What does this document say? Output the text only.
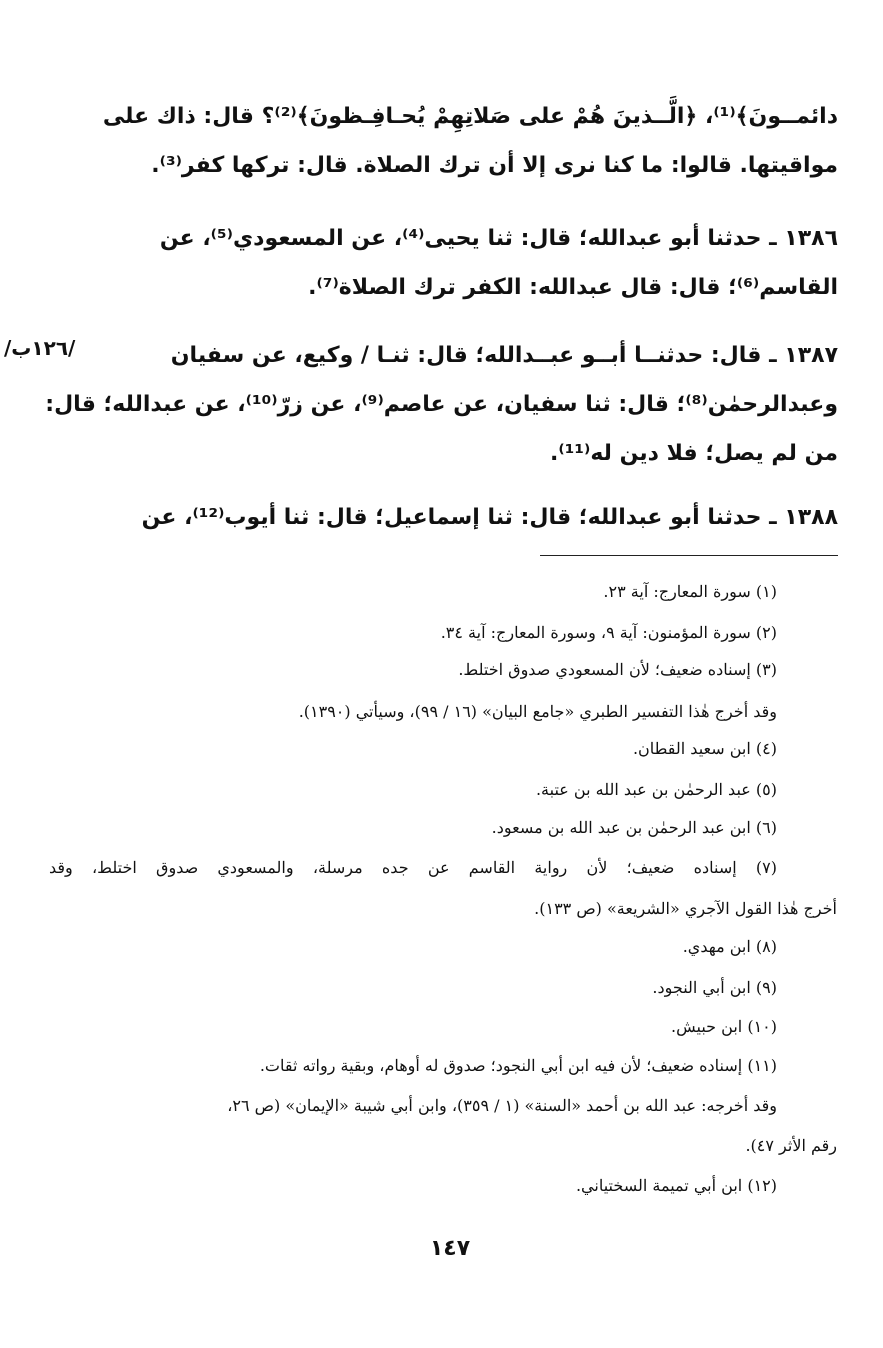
دائمــونَ﴾⁽¹⁾، ﴿الَّــذينَ هُمْ على صَلاتِهِمْ يُحـافِـظونَ﴾⁽²⁾؟ قال: ذاك على
مواقيتها. قالوا: ما كنا نرى إلا أن ترك الصلاة. قال: تركها كفر⁽³⁾.
١٣٨٦ ـ حدثنا أبو عبدالله؛ قال: ثنا يحيى⁽⁴⁾، عن المسعودي⁽⁵⁾، عن
القاسم⁽⁶⁾؛ قال: قال عبدالله: الكفر ترك الصلاة⁽⁷⁾.
١٣٨٧ ـ قال: حدثنــا أبــو عبــدالله؛ قال: ثنـا / وكيع، عن سفيان
وعبدالرحمٰن⁽⁸⁾؛ قال: ثنا سفيان، عن عاصم⁽⁹⁾، عن زرّ⁽¹⁰⁾، عن عبدالله؛ قال:
من لم يصل؛ فلا دين له⁽¹¹⁾.
١٣٨٨ ـ حدثنا أبو عبدالله؛ قال: ثنا إسماعيل؛ قال: ثنا أيوب⁽¹²⁾، عن
/١٢٦ب/
(١) سورة المعارج: آية ٢٣.
(٢) سورة المؤمنون: آية ٩، وسورة المعارج: آية ٣٤.
(٣) إسناده ضعيف؛ لأن المسعودي صدوق اختلط.
وقد أخرج هٰذا التفسير الطبري «جامع البيان» (١٦ / ٩٩)، وسيأتي (١٣٩٠).
(٤) ابن سعيد القطان.
(٥) عبد الرحمٰن بن عبد الله بن عتبة.
(٦) ابن عبد الرحمٰن بن عبد الله بن مسعود.
(٧) إسناده ضعيف؛ لأن رواية القاسم عن جده مرسلة، والمسعودي صدوق اختلط، وقد
أخرج هٰذا القول الآجري «الشريعة» (ص ١٣٣).
(٨) ابن مهدي.
(٩) ابن أبي النجود.
(١٠) ابن حبيش.
(١١) إسناده ضعيف؛ لأن فيه ابن أبي النجود؛ صدوق له أوهام، وبقية رواته ثقات.
وقد أخرجه: عبد الله بن أحمد «السنة» (١ / ٣٥٩)، وابن أبي شيبة «الإيمان» (ص ٢٦،
رقم الأثر ٤٧).
(١٢) ابن أبي تميمة السختياني.
١٤٧
